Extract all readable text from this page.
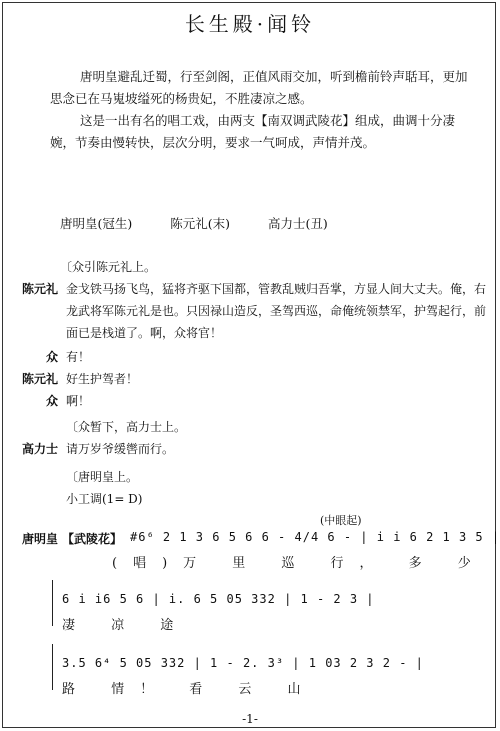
长生殿·闻铃

唐明皇避乱迁蜀，行至剑阁，正值风雨交加，听到檐前铃声聒耳，更加思念已在马嵬坡缢死的杨贵妃，不胜凄凉之感。

这是一出有名的唱工戏，由两支【南双调武陵花】组成，曲调十分凄婉，节奏由慢转快，层次分明，要求一气呵成，声情并茂。

唐明皇(冠生)	陈元礼(末)	高力士(丑)
〔众引陈元礼上。
陈元礼 金戈铁马扬飞鸟，猛将齐驱下国都，管教乱贼归吾掌，方显人间大丈夫。俺，右龙武将军陈元礼是也。只因禄山造反，圣驾西巡，命俺统领禁军，护驾起行，前面已是栈道了。啊，众将官！
众 有！
陈元礼 好生护驾者！
众 啊！
〔众暂下，高力士上。
高力士 请万岁爷缓辔而行。
〔唐明皇上。
小工调(1= D)
(中眼起)
唐明皇 【武陵花】 #6⁶ 2 1 3 6 5 6 6 - 4/4 6 - | i i 6 2 1 3 5 |
(唱)万 里 巡 行， 多 少
6 i i6 5 6 | i. 6 5 05 332 | 1 - 2 3 |
凄 凉 途
3.5 6⁴ 5 05 332 | 1 - 2. 3³ | 1 03 2 3 2 - |
路 情！ 看 云 山
-1-
